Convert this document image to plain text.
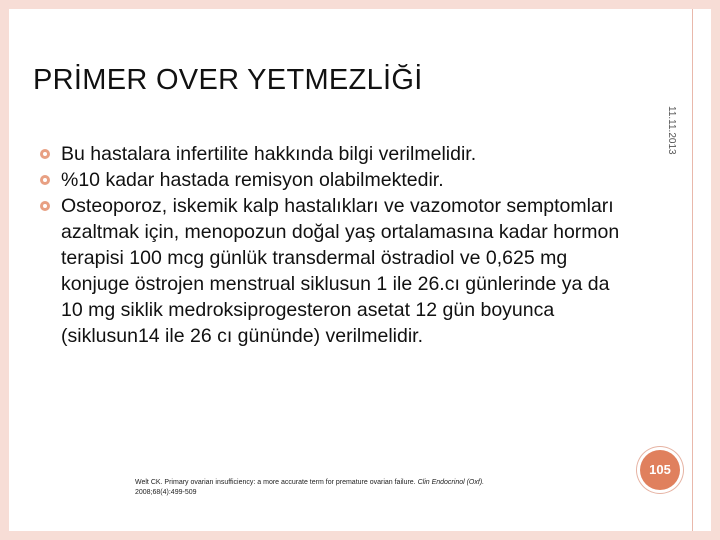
PRİMER OVER YETMEZLİĞİ
11.11.2013
Bu hastalara infertilite hakkında bilgi verilmelidir.
%10 kadar hastada remisyon olabilmektedir.
Osteoporoz, iskemik kalp hastalıkları ve vazomotor semptomları azaltmak için, menopozun doğal yaş ortalamasına kadar hormon terapisi 100 mcg günlük transdermal östradiol ve 0,625 mg konjuge östrojen menstrual siklusun 1 ile 26.cı günlerinde ya da 10 mg siklik medroksiprogesteron asetat 12 gün boyunca (siklusun14 ile 26 cı gününde) verilmelidir.
Welt CK. Primary ovarian insufficiency: a more accurate term for premature ovarian failure. Clin Endocrinol (Oxf).
2008;68(4):499-509
105
